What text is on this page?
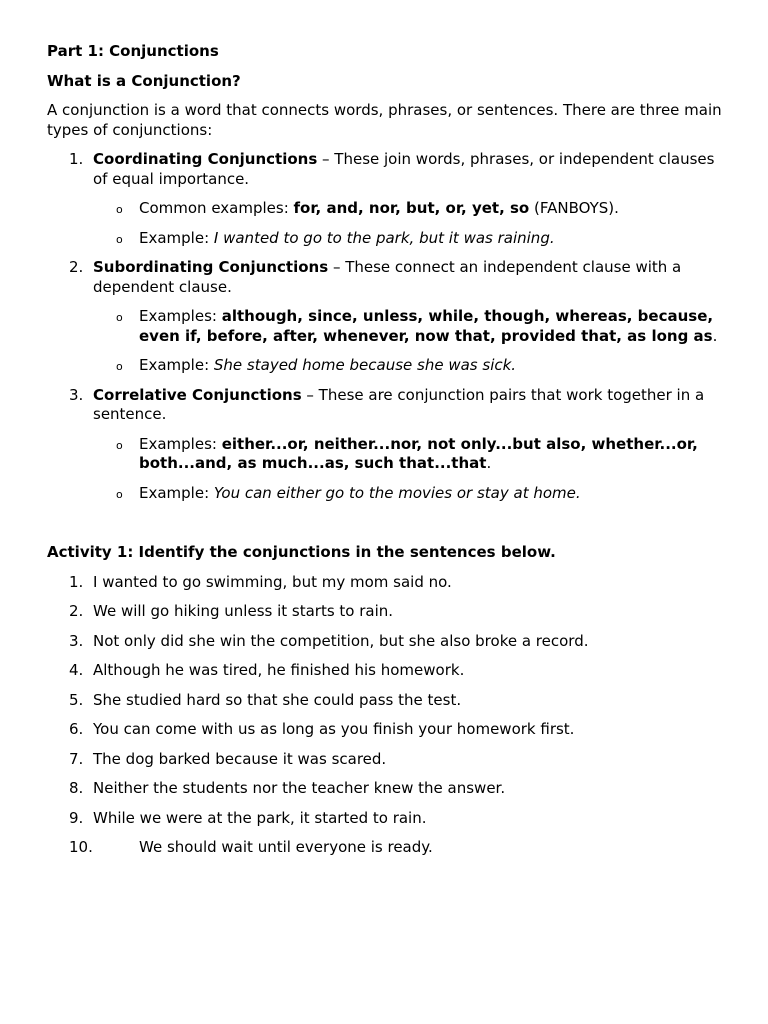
Part 1: Conjunctions
What is a Conjunction?
A conjunction is a word that connects words, phrases, or sentences. There are three main types of conjunctions:
1. Coordinating Conjunctions – These join words, phrases, or independent clauses of equal importance.
o Common examples: for, and, nor, but, or, yet, so (FANBOYS).
o Example: I wanted to go to the park, but it was raining.
2. Subordinating Conjunctions – These connect an independent clause with a dependent clause.
o Examples: although, since, unless, while, though, whereas, because, even if, before, after, whenever, now that, provided that, as long as.
o Example: She stayed home because she was sick.
3. Correlative Conjunctions – These are conjunction pairs that work together in a sentence.
o Examples: either...or, neither...nor, not only...but also, whether...or, both...and, as much...as, such that...that.
o Example: You can either go to the movies or stay at home.
Activity 1: Identify the conjunctions in the sentences below.
1. I wanted to go swimming, but my mom said no.
2. We will go hiking unless it starts to rain.
3. Not only did she win the competition, but she also broke a record.
4. Although he was tired, he finished his homework.
5. She studied hard so that she could pass the test.
6. You can come with us as long as you finish your homework first.
7. The dog barked because it was scared.
8. Neither the students nor the teacher knew the answer.
9. While we were at the park, it started to rain.
10.	We should wait until everyone is ready.
